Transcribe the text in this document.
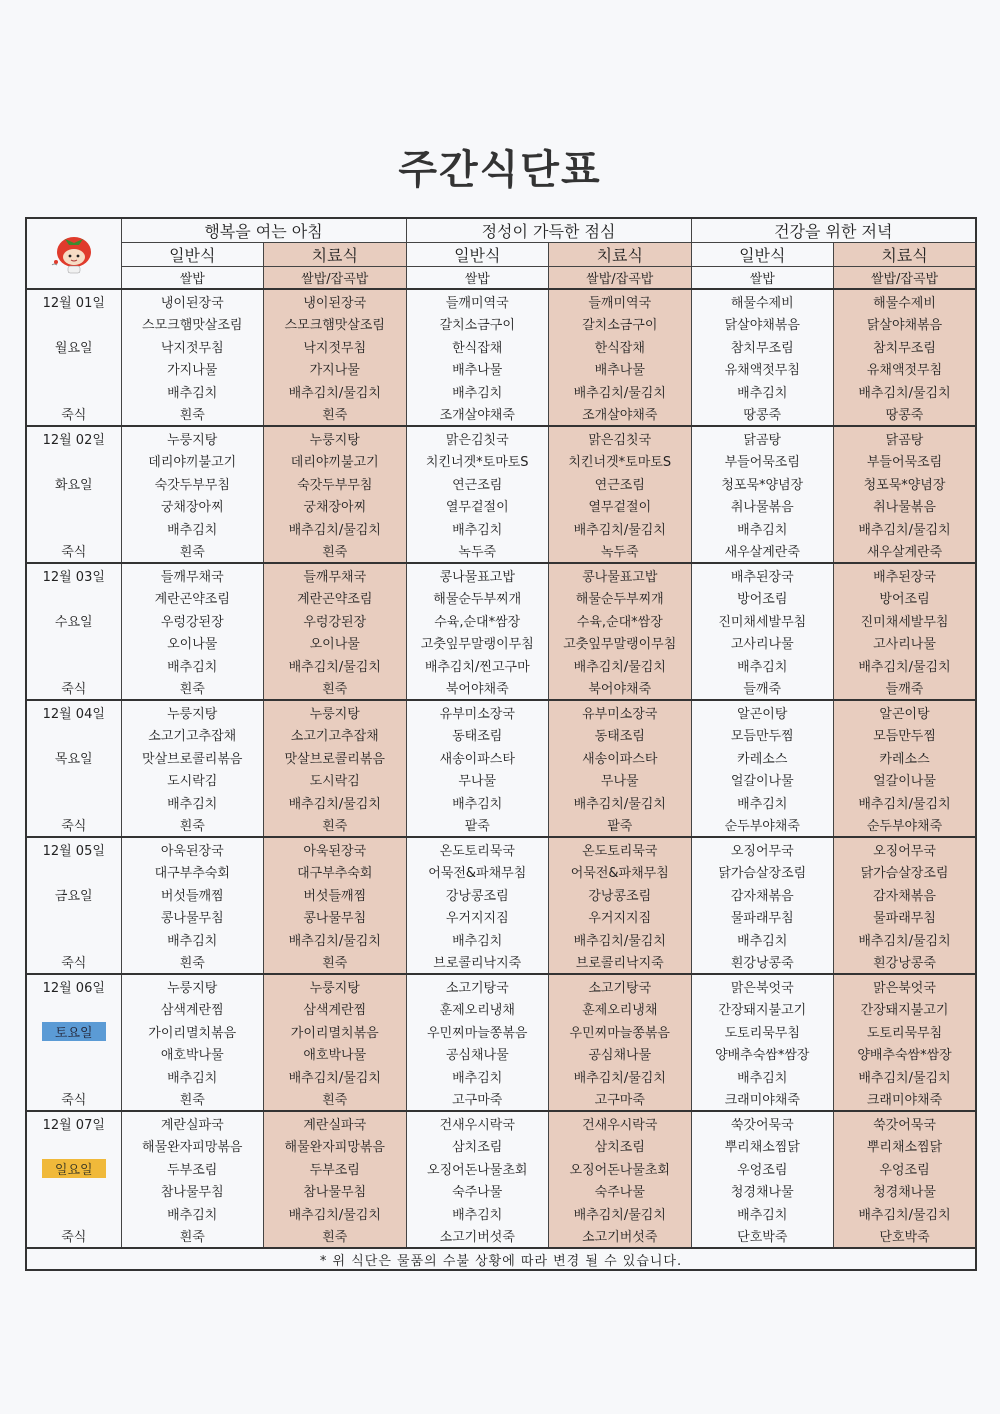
주간식단표
	행복을 여는 아침		정성이 가득한 점심		건강을 위한 저녁	
	일반식	치료식	일반식	치료식	일반식	치료식
	쌀밥	쌀밥/잡곡밥	쌀밥	쌀밥/잡곡밥	쌀밥	쌀밥/잡곡밥
12월 01일	냉이된장국	냉이된장국	들깨미역국	들깨미역국	해물수제비	해물수제비
	스모크햄맛살조림	스모크햄맛살조림	갈치소금구이	갈치소금구이	닭살야채볶음	닭살야채볶음
월요일	낙지젓무침	낙지젓무침	한식잡채	한식잡채	참치무조림	참치무조림
	가지나물	가지나물	배추나물	배추나물	유채액젓무침	유채액젓무침
	배추김치	배추김치/물김치	배추김치	배추김치/물김치	배추김치	배추김치/물김치
죽식	흰죽	흰죽	조개살야채죽	조개살야채죽	땅콩죽	땅콩죽
12월 02일	누룽지탕	누룽지탕	맑은김칫국	맑은김칫국	닭곰탕	닭곰탕
	데리야끼불고기	데리야끼불고기	치킨너겟*토마토S	치킨너겟*토마토S	부들어묵조림	부들어묵조림
화요일	숙갓두부무침	숙갓두부무침	연근조림	연근조림	청포묵*양념장	청포묵*양념장
	궁채장아찌	궁채장아찌	열무겉절이	열무겉절이	취나물볶음	취나물볶음
	배추김치	배추김치/물김치	배추김치	배추김치/물김치	배추김치	배추김치/물김치
죽식	흰죽	흰죽	녹두죽	녹두죽	새우살계란죽	새우살계란죽
12월 03일	들깨무채국	들깨무채국	콩나물표고밥	콩나물표고밥	배추된장국	배추된장국
	계란곤약조림	계란곤약조림	해물순두부찌개	해물순두부찌개	방어조림	방어조림
수요일	우렁강된장	우렁강된장	수육,순대*쌈장	수육,순대*쌈장	진미채세발무침	진미채세발무침
	오이나물	오이나물	고춧잎무말랭이무침	고춧잎무말랭이무침	고사리나물	고사리나물
	배추김치	배추김치/물김치	배추김치/찐고구마	배추김치/물김치	배추김치	배추김치/물김치
죽식	흰죽	흰죽	북어야채죽	북어야채죽	들깨죽	들깨죽
12월 04일	누룽지탕	누룽지탕	유부미소장국	유부미소장국	알곤이탕	알곤이탕
	소고기고추잡채	소고기고추잡채	동태조림	동태조림	모듬만두찜	모듬만두찜
목요일	맛살브로콜리볶음	맛살브로콜리볶음	새송이파스타	새송이파스타	카레소스	카레소스
	도시락김	도시락김	무나물	무나물	얼갈이나물	얼갈이나물
	배추김치	배추김치/물김치	배추김치	배추김치/물김치	배추김치	배추김치/물김치
죽식	흰죽	흰죽	팥죽	팥죽	순두부야채죽	순두부야채죽
12월 05일	아욱된장국	아욱된장국	온도토리묵국	온도토리묵국	오징어무국	오징어무국
	대구부추숙회	대구부추숙회	어묵전&파채무침	어묵전&파채무침	닭가슴살장조림	닭가슴살장조림
금요일	버섯들깨찜	버섯들깨찜	강낭콩조림	강낭콩조림	감자채볶음	감자채볶음
	콩나물무침	콩나물무침	우거지지짐	우거지지짐	물파래무침	물파래무침
	배추김치	배추김치/물김치	배추김치	배추김치/물김치	배추김치	배추김치/물김치
죽식	흰죽	흰죽	브로콜리낙지죽	브로콜리낙지죽	흰강낭콩죽	흰강낭콩죽
12월 06일	누룽지탕	누룽지탕	소고기탕국	소고기탕국	맑은북엇국	맑은북엇국
	삼색계란찜	삼색계란찜	훈제오리냉채	훈제오리냉채	간장돼지불고기	간장돼지불고기
토요일	가이리멸치볶음	가이리멸치볶음	우민찌마늘쫑볶음	우민찌마늘쫑볶음	도토리묵무침	도토리묵무침
	애호박나물	애호박나물	공심채나물	공심채나물	양배추숙쌈*쌈장	양배추숙쌈*쌈장
	배추김치	배추김치/물김치	배추김치	배추김치/물김치	배추김치	배추김치/물김치
죽식	흰죽	흰죽	고구마죽	고구마죽	크래미야채죽	크래미야채죽
12월 07일	계란실파국	계란실파국	건새우시락국	건새우시락국	쑥갓어묵국	쑥갓어묵국
	해물완자피망볶음	해물완자피망볶음	삼치조림	삼치조림	뿌리채소찜닭	뿌리채소찜닭
일요일	두부조림	두부조림	오징어돈나물초회	오징어돈나물초회	우엉조림	우엉조림
	참나물무침	참나물무침	숙주나물	숙주나물	청경채나물	청경채나물
	배추김치	배추김치/물김치	배추김치	배추김치/물김치	배추김치	배추김치/물김치
죽식	흰죽	흰죽	소고기버섯죽	소고기버섯죽	단호박죽	단호박죽
* 위 식단은 물품의 수불 상황에 따라 변경 될 수 있습니다.						
